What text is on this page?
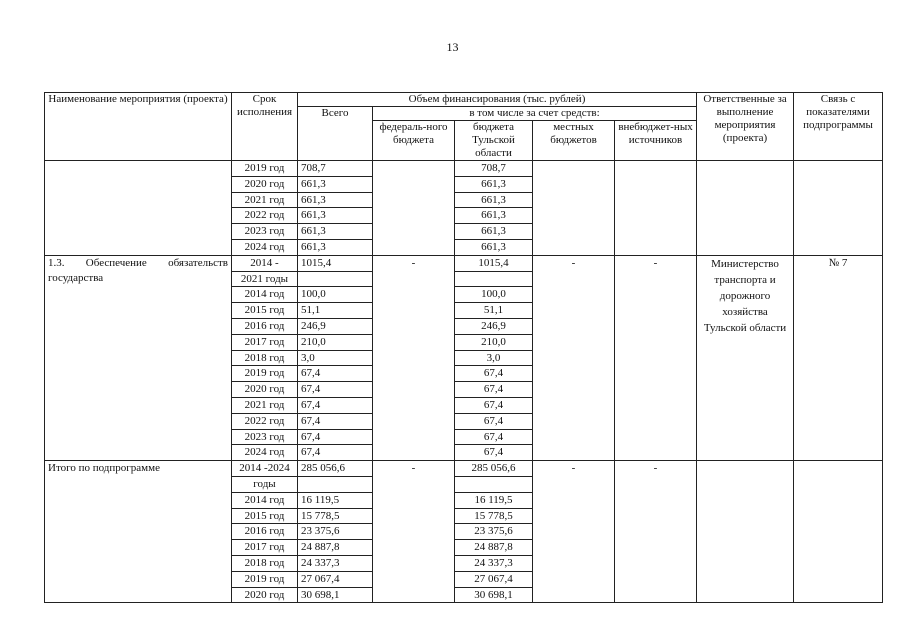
13
Наименование мероприятия (проекта)	Срок исполнения	Объем финансирования (тыс. рублей)					Ответственные за выполнение мероприятия (проекта)	Связь с показателями подпрограммы
		Всего	в том числе за счет средств:					
			федераль-ного бюджета	бюджета Тульской области	местных бюджетов	внебюджет-ных источников		
	2019 год	708,7		708,7				
	2020 год	661,3		661,3				
	2021 год	661,3		661,3				
	2022 год	661,3		661,3				
	2023 год	661,3		661,3				
	2024 год	661,3		661,3				

1.3. Обеспечение обязательств
государства	2014 -	1015,4	-	1015,4	-	-	Министерство транспорта и дорожного хозяйства Тульской области	№ 7
	2021 годы							
	2014 год	100,0		100,0				
	2015 год	51,1		51,1				
	2016 год	246,9		246,9				
	2017 год	210,0		210,0				
	2018 год	3,0		3,0				
	2019 год	67,4		67,4				
	2020 год	67,4		67,4				
	2021 год	67,4		67,4				
	2022 год	67,4		67,4				
	2023 год	67,4		67,4				
	2024 год	67,4		67,4				
Итого по подпрограмме	2014 -2024	285 056,6	-	285 056,6	-	-		
	годы							
	2014 год	16 119,5		16 119,5				
	2015 год	15 778,5		15 778,5				
	2016 год	23 375,6		23 375,6				
	2017 год	24 887,8		24 887,8				
	2018 год	24 337,3		24 337,3				
	2019 год	27 067,4		27 067,4				
	2020 год	30 698,1		30 698,1				
